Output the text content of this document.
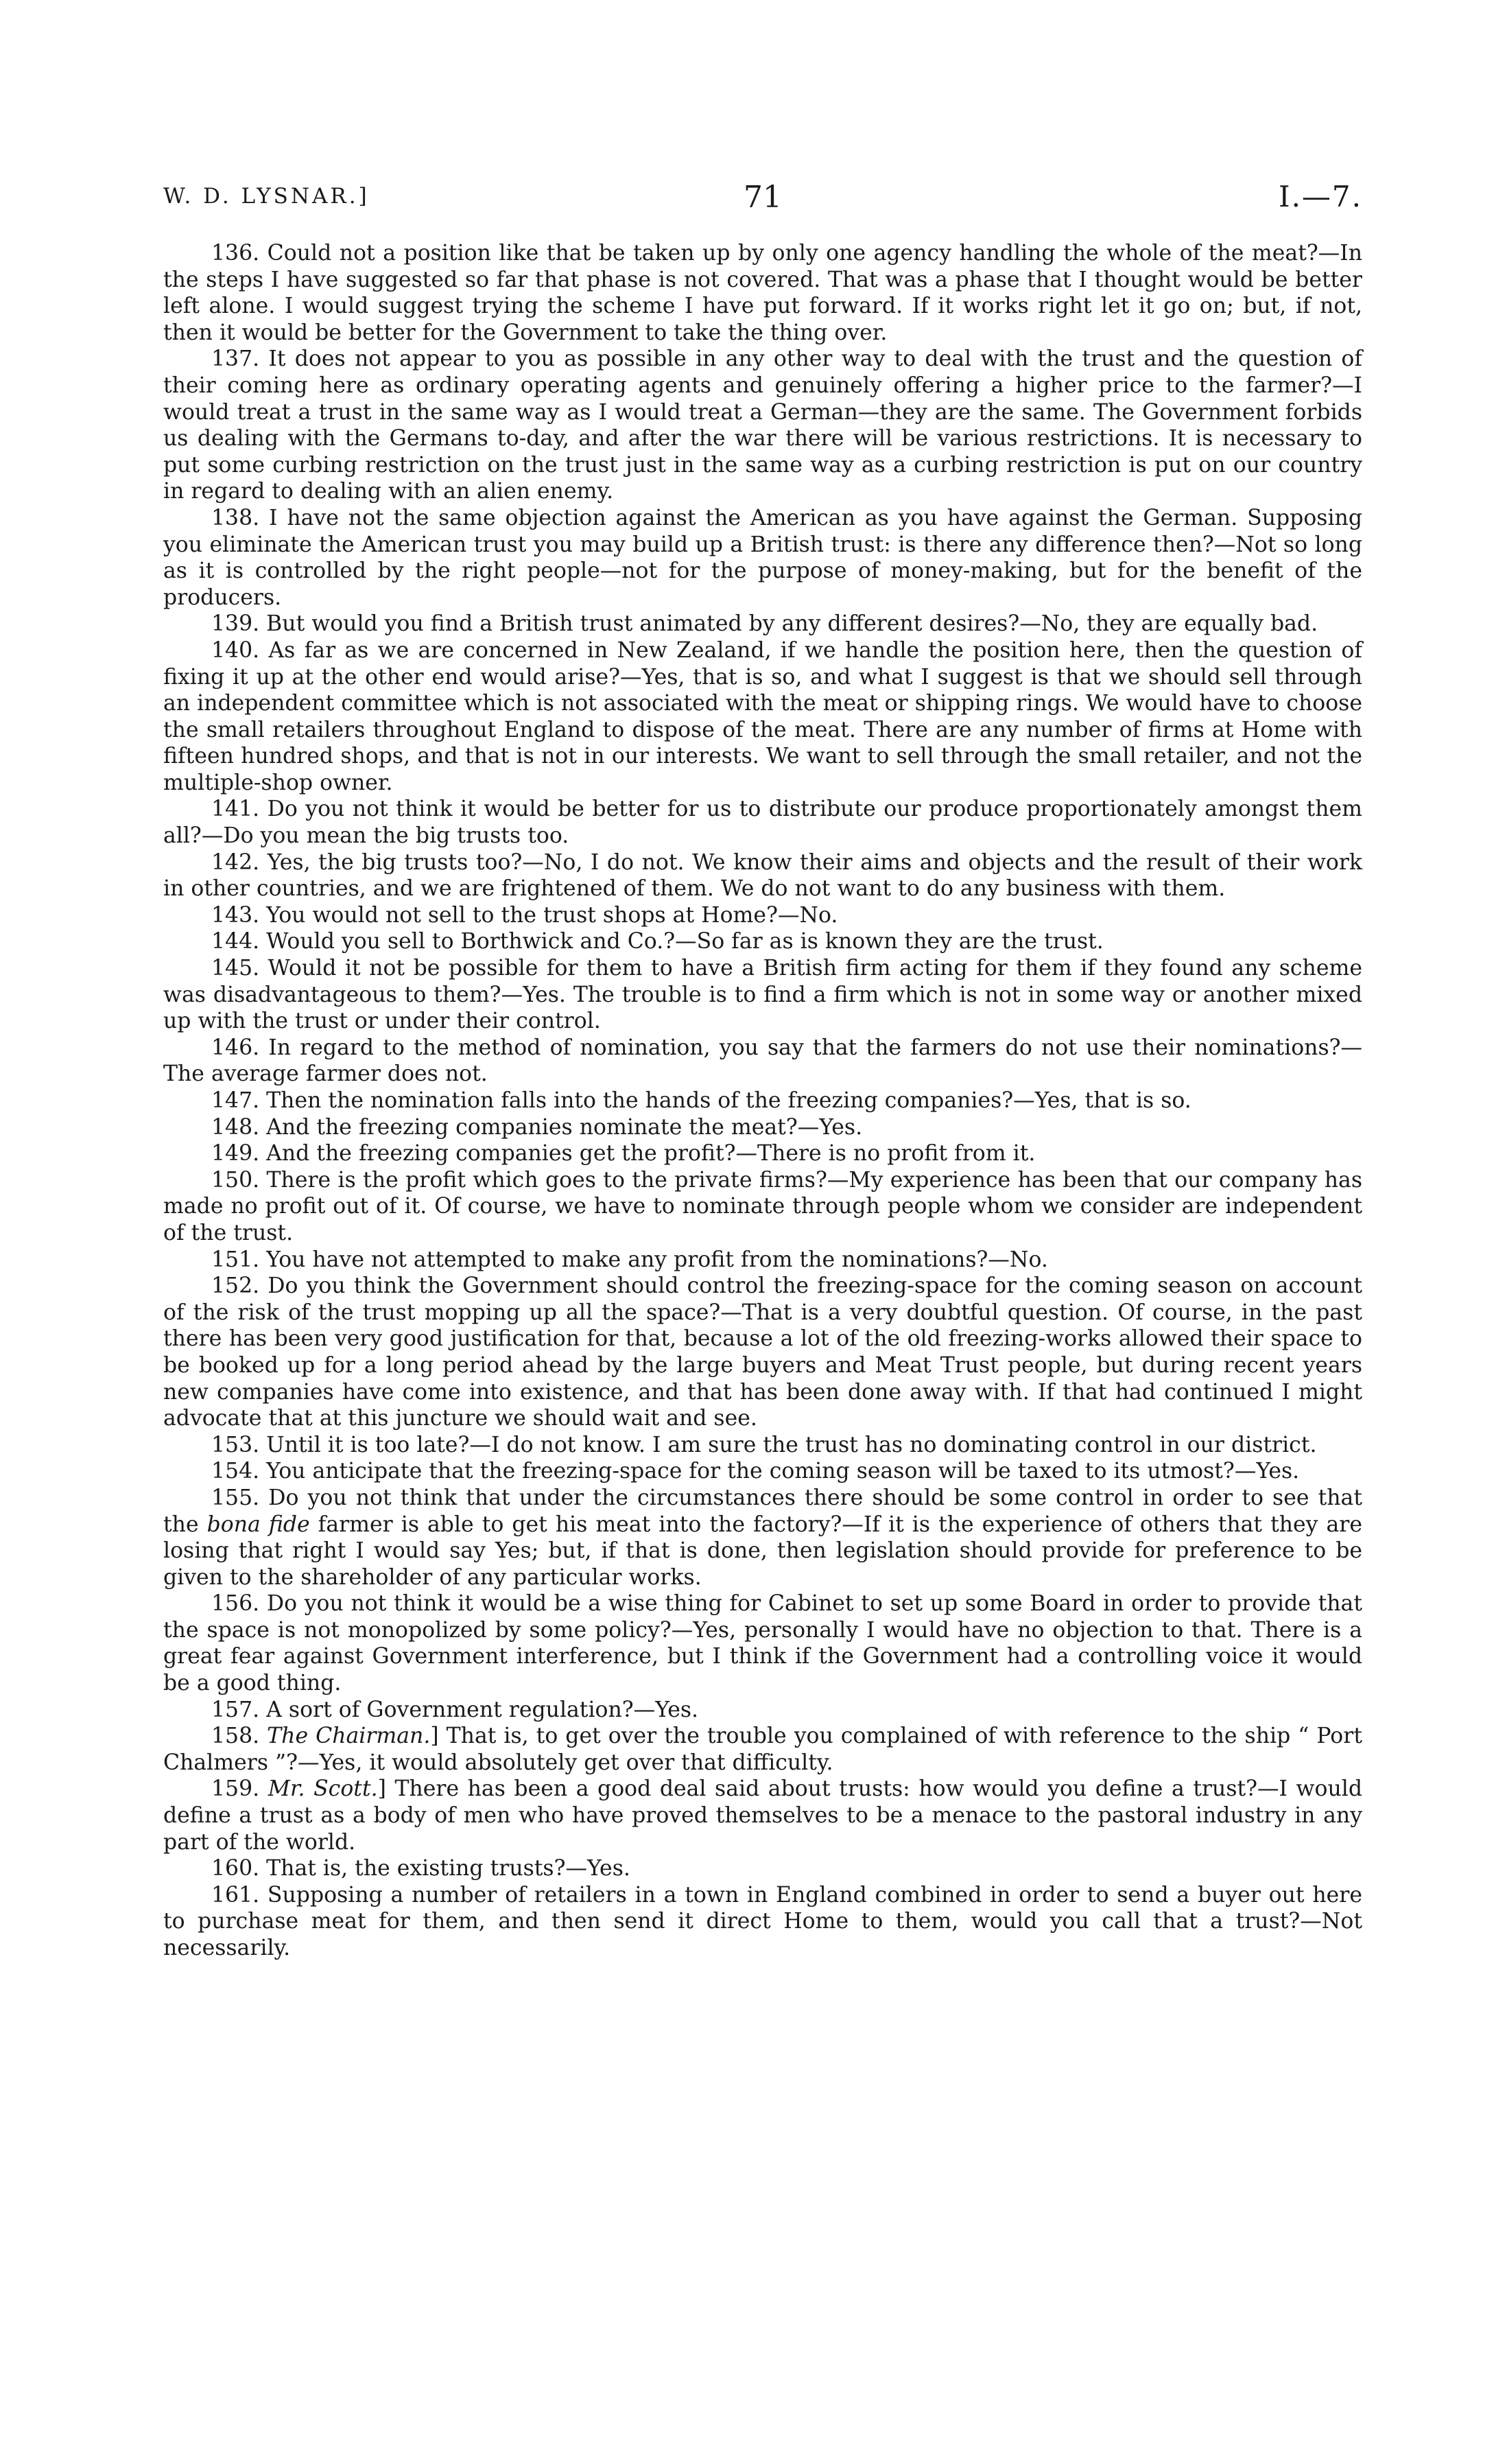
W. D. LYSNAR.]	71	I.—7.

136. Could not a position like that be taken up by only one agency handling the whole of the meat?—In the steps I have suggested so far that phase is not covered. That was a phase that I thought would be better left alone. I would suggest trying the scheme I have put forward. If it works right let it go on; but, if not, then it would be better for the Government to take the thing over.

137. It does not appear to you as possible in any other way to deal with the trust and the question of their coming here as ordinary operating agents and genuinely offering a higher price to the farmer?—I would treat a trust in the same way as I would treat a German—they are the same. The Government forbids us dealing with the Germans to-day, and after the war there will be various restrictions. It is necessary to put some curbing restriction on the trust just in the same way as a curbing restriction is put on our country in regard to dealing with an alien enemy.

138. I have not the same objection against the American as you have against the German. Supposing you eliminate the American trust you may build up a British trust: is there any difference then?—Not so long as it is controlled by the right people—not for the purpose of money-making, but for the benefit of the producers.

139. But would you find a British trust animated by any different desires?—No, they are equally bad.

140. As far as we are concerned in New Zealand, if we handle the position here, then the question of fixing it up at the other end would arise?—Yes, that is so, and what I suggest is that we should sell through an independent committee which is not associated with the meat or shipping rings. We would have to choose the small retailers throughout England to dispose of the meat. There are any number of firms at Home with fifteen hundred shops, and that is not in our interests. We want to sell through the small retailer, and not the multiple-shop owner.

141. Do you not think it would be better for us to distribute our produce proportionately amongst them all?—Do you mean the big trusts too.

142. Yes, the big trusts too?—No, I do not. We know their aims and objects and the result of their work in other countries, and we are frightened of them. We do not want to do any business with them.

143. You would not sell to the trust shops at Home?—No.

144. Would you sell to Borthwick and Co.?—So far as is known they are the trust.

145. Would it not be possible for them to have a British firm acting for them if they found any scheme was disadvantageous to them?—Yes. The trouble is to find a firm which is not in some way or another mixed up with the trust or under their control.

146. In regard to the method of nomination, you say that the farmers do not use their nominations?—The average farmer does not.

147. Then the nomination falls into the hands of the freezing companies?—Yes, that is so.

148. And the freezing companies nominate the meat?—Yes.

149. And the freezing companies get the profit?—There is no profit from it.

150. There is the profit which goes to the private firms?—My experience has been that our company has made no profit out of it. Of course, we have to nominate through people whom we consider are independent of the trust.

151. You have not attempted to make any profit from the nominations?—No.

152. Do you think the Government should control the freezing-space for the coming season on account of the risk of the trust mopping up all the space?—That is a very doubtful question. Of course, in the past there has been very good justification for that, because a lot of the old freezing-works allowed their space to be booked up for a long period ahead by the large buyers and Meat Trust people, but during recent years new companies have come into existence, and that has been done away with. If that had continued I might advocate that at this juncture we should wait and see.

153. Until it is too late?—I do not know. I am sure the trust has no dominating control in our district.

154. You anticipate that the freezing-space for the coming season will be taxed to its utmost?—Yes.

155. Do you not think that under the circumstances there should be some control in order to see that the bona fide farmer is able to get his meat into the factory?—If it is the experience of others that they are losing that right I would say Yes; but, if that is done, then legislation should provide for preference to be given to the shareholder of any particular works.

156. Do you not think it would be a wise thing for Cabinet to set up some Board in order to provide that the space is not monopolized by some policy?—Yes, personally I would have no objection to that. There is a great fear against Government interference, but I think if the Government had a controlling voice it would be a good thing.

157. A sort of Government regulation?—Yes.

158. The Chairman.] That is, to get over the trouble you complained of with reference to the ship “ Port Chalmers ”?—Yes, it would absolutely get over that difficulty.

159. Mr. Scott.] There has been a good deal said about trusts: how would you define a trust?—I would define a trust as a body of men who have proved themselves to be a menace to the pastoral industry in any part of the world.

160. That is, the existing trusts?—Yes.

161. Supposing a number of retailers in a town in England combined in order to send a buyer out here to purchase meat for them, and then send it direct Home to them, would you call that a trust?—Not necessarily.
